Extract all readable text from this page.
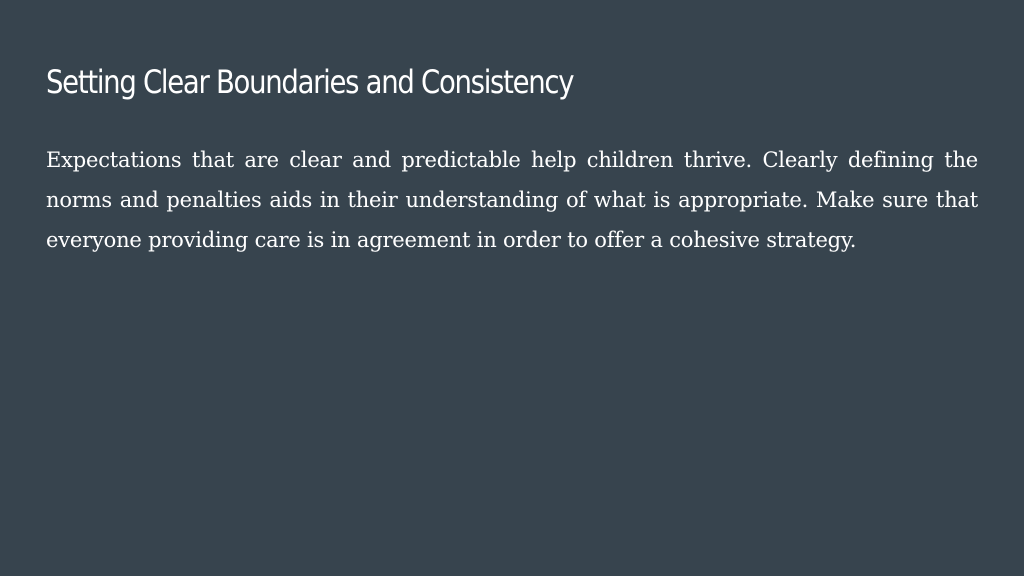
Setting Clear Boundaries and Consistency

Expectations that are clear and predictable help children thrive. Clearly defining the norms and penalties aids in their understanding of what is appropriate. Make sure that everyone providing care is in agreement in order to offer a cohesive strategy.
